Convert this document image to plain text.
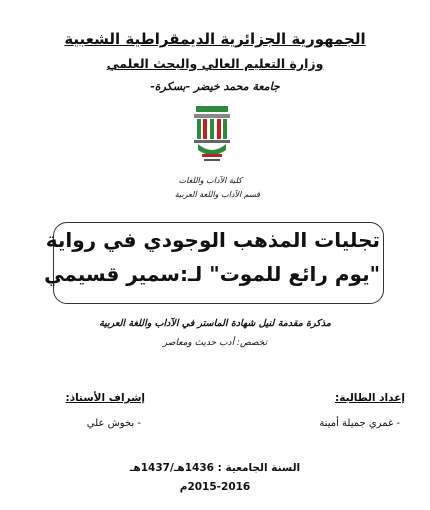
الجمهورية الجزائرية الديمقراطية الشعبية
وزارة التعليم العالي والبحث العلمي
جامعة محمد خيضر -بسكرة-
كلية الآداب واللغات
قسم الآداب واللغة العربية
تجليات المذهب الوجودي في رواية
"يوم رائع للموت" لـ:سمير قسيمي
مذكرة مقدمة لنيل شهادة الماستر في الآداب واللغة العربية
تخصص: أدب حديث ومعاصر
إعداد الطالبة:
إشراف الأستاذ:
- غمري جميلة أمينة
- بخوش علي
السنة الجامعية : 1436هـ/1437هـ
2015-2016م
